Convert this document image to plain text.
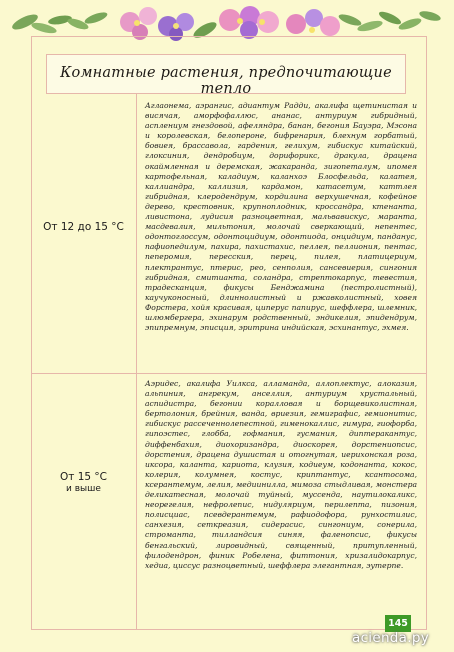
Комнатные растения, предпочитающие тепло
От 12 до 15 °С
Аглаонема, аэрангис, адиантум Радди, акалифа щетинистая и висячая, аморфофаллюс, ананас, антуриум гибридный, асплениум гнездовой, афеляндра, банан, бегония Бауэра, Мэсона и королевская, белоперонe, бифренария, блехнум горбатый, бовиея, брассавола, гардения, гелихум, гибискус китайский, глоксиния, дендробиум, дорифорикс, дракула, драцена окаймленная и деремская, жакаранда, зигопеталум, ипомея картофельная, каладиум, каланхоэ Блосфельда, калатея, каллиандра, каллизия, кардамон, катасетум, каттлея гибридная, клеродендрум, кордилина верхушечная, кофейное дерево, крестовник, крупноплодник, кроссандра, ктенанта, ливистона, лудисия разноцветная, мальвавискус, маранта, масдевалия, мильтония, молочай сверкающий, непентес, одонтоглоссум, одонтоцидиум, одонтиода, онцидиум, панданус, пафиопедилум, пахира, пахистахис, пеллея, пеллиония, пентас, пеперомия, пересския, перец, пилея, платицериум, плектрантус, птерис, рео, сенполия, сансевиерия, сингония гибридная, смитианта, соландра, стрептокарпус, тевестия, традесканция, фикусы Бенджамина (пестролистный), каучуконосный, длиннолистный и ржавколистный, ховея Форстера, хойя красивая, циперус папирус, шеффлера, шлемник, шлюмбергера, эхинарум родственный, эндикелия, эпидендрум, эпипремнум, эписция, эритрина индийская, эсхинантус, эхмея.
От 15 °С
и выше
Аэридес, акалифа Уилкса, алламанда, аллоплектус, алоказия, альпиния, ангрекум, анселлия, антуриум хрустальный, аспидистра, бегонии коралловая и борщевиколистная, бертолония, брейния, ванда, вриезия, гемиграфис, гемионитис, гибискус рассеченнолепестной, гименокаллис, гимура, гиофорба, гипоэстес, глобба, гофмания, гусмания, диптеракантус, диффенбахия, диохоризандра, диоскорея, дорстениопсис, дорстения, драцена душистая и отогнутая, иерихонская роза, иксора, каланта, кариота, клузия, кодиеум, кодонанта, кокос, колерия, колумнея, костус, криптантус, ксантосома, ксерантемум, лелия, медиинилла, мимоза стыдливая, монстера деликатесная, молочай туйный, муссенда, наутилокаликс, неорегелия, нефролепис, нидуляриум, перилепта, пизония, полисциас, псевдерантемум, рафиодофора, рунхостилис, санхезия, сеткреазия, сидерасис, сингониум, сонерила, стромантa, тилландсия синяя, фаленопсис, фикусы бенгальский, лировидный, священный, притупленный, филодендрон, финик Робелена, фиттония, хризалидокарпус, хедиа, циссус разноцветный, шеффлера элегантная, эутерпе.
145
асienda.ру
